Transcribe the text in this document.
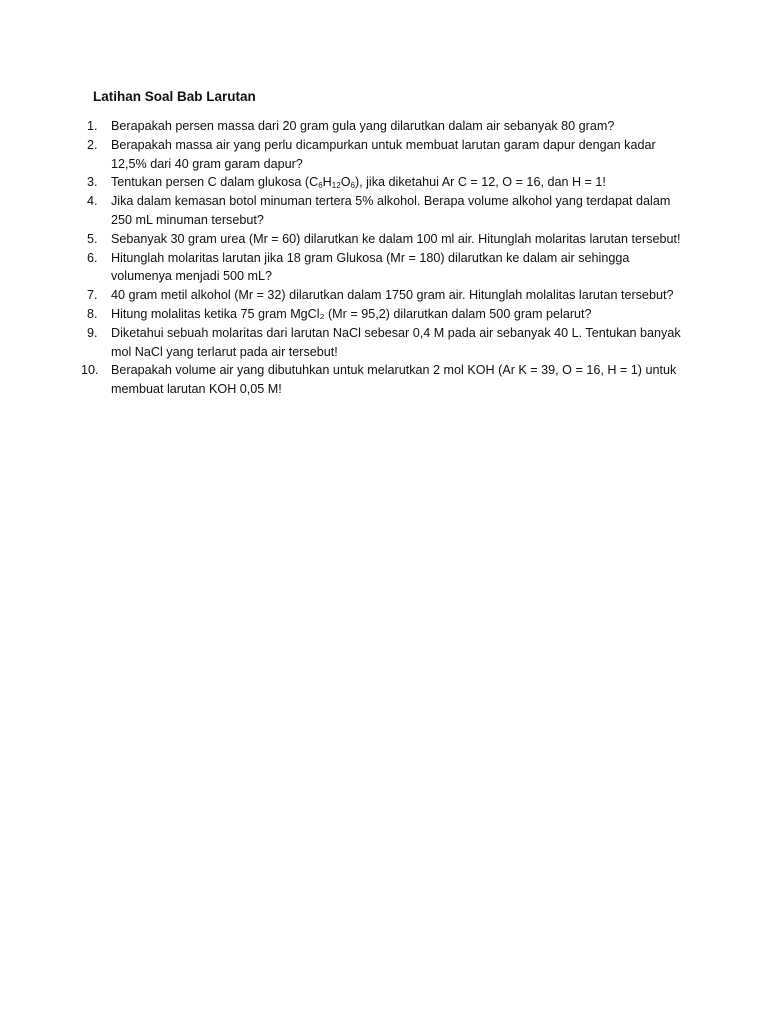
Latihan Soal Bab Larutan
1.	Berapakah persen massa dari 20 gram gula yang dilarutkan dalam air sebanyak 80 gram?
2.	Berapakah massa air yang perlu dicampurkan untuk membuat larutan garam dapur dengan kadar 12,5% dari 40 gram garam dapur?
3.	Tentukan persen C dalam glukosa $(C_6H_{12}O_6)$, jika diketahui Ar C = 12, O = 16, dan H = 1!
4.	Jika dalam kemasan botol minuman tertera 5% alkohol. Berapa volume alkohol yang terdapat dalam 250 mL minuman tersebut?
5.	Sebanyak 30 gram urea (Mr = 60) dilarutkan ke dalam 100 ml air. Hitunglah molaritas larutan tersebut!
6.	Hitunglah molaritas larutan jika 18 gram Glukosa (Mr = 180) dilarutkan ke dalam air sehingga volumenya menjadi 500 mL?
7.	40 gram metil alkohol (Mr = 32) dilarutkan dalam 1750 gram air. Hitunglah molalitas larutan tersebut?
8.	Hitung molalitas ketika 75 gram MgCl₂ (Mr = 95,2) dilarutkan dalam 500 gram pelarut?
9.	Diketahui sebuah molaritas dari larutan NaCl sebesar 0,4 M pada air sebanyak 40 L. Tentukan banyak mol NaCl yang terlarut pada air tersebut!
10. Berapakah volume air yang dibutuhkan untuk melarutkan 2 mol KOH (Ar K = 39, O = 16, H = 1) untuk membuat larutan KOH 0,05 M!
